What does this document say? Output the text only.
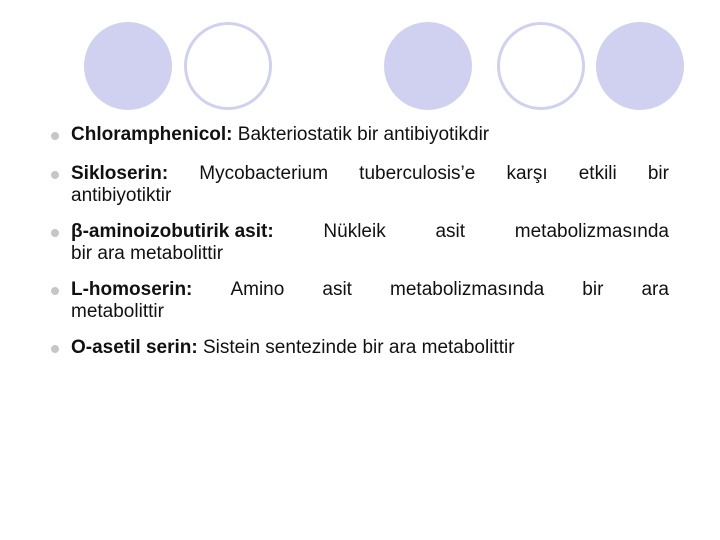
Chloramphenicol: Bakteriostatik bir antibiyotikdir
Sikloserin: Mycobacterium tuberculosis’e karşı etkili bir
antibiyotiktir
β-aminoizobutirik asit:	Nükleik	asit	metabolizmasında
bir ara metabolittir
L-homoserin: Amino asit metabolizmasında bir ara
metabolittir
O-asetil serin: Sistein sentezinde bir ara metabolittir
